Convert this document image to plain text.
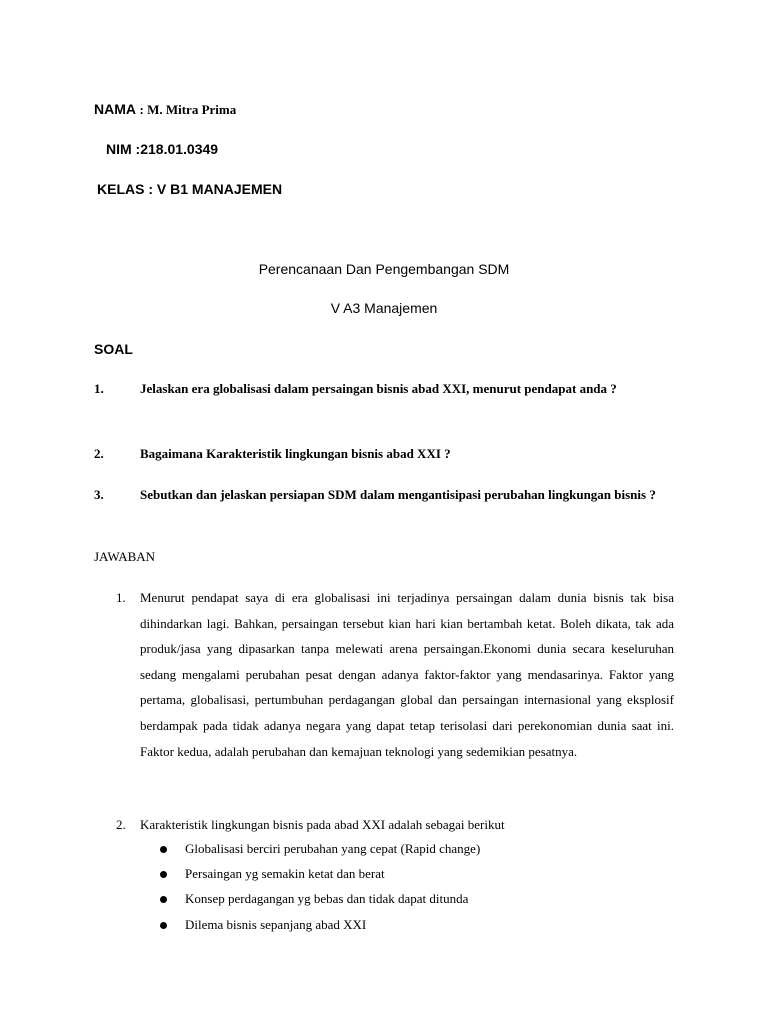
NAMA : M. Mitra Prima
NIM :218.01.0349
KELAS : V B1 MANAJEMEN
Perencanaan Dan Pengembangan SDM
V A3 Manajemen
SOAL
1.	Jelaskan era globalisasi dalam persaingan bisnis abad XXI, menurut pendapat anda ?
2.	Bagaimana Karakteristik lingkungan bisnis abad XXI ?
3.	Sebutkan dan jelaskan persiapan SDM dalam mengantisipasi perubahan lingkungan bisnis ?
JAWABAN
1. Menurut pendapat saya di era globalisasi ini terjadinya persaingan dalam dunia bisnis tak bisa dihindarkan lagi. Bahkan, persaingan tersebut kian hari kian bertambah ketat. Boleh dikata, tak ada produk/jasa yang dipasarkan tanpa melewati arena persaingan.Ekonomi dunia secara keseluruhan sedang mengalami perubahan pesat dengan adanya faktor-faktor yang mendasarinya. Faktor yang pertama, globalisasi, pertumbuhan perdagangan global dan persaingan internasional yang eksplosif berdampak pada tidak adanya negara yang dapat tetap terisolasi dari perekonomian dunia saat ini. Faktor kedua, adalah perubahan dan kemajuan teknologi yang sedemikian pesatnya.
2. Karakteristik lingkungan bisnis pada abad XXI adalah sebagai berikut
Globalisasi berciri perubahan yang cepat (Rapid change)
Persaingan yg semakin ketat dan berat
Konsep perdagangan yg bebas dan tidak dapat ditunda
Dilema bisnis sepanjang abad XXI
